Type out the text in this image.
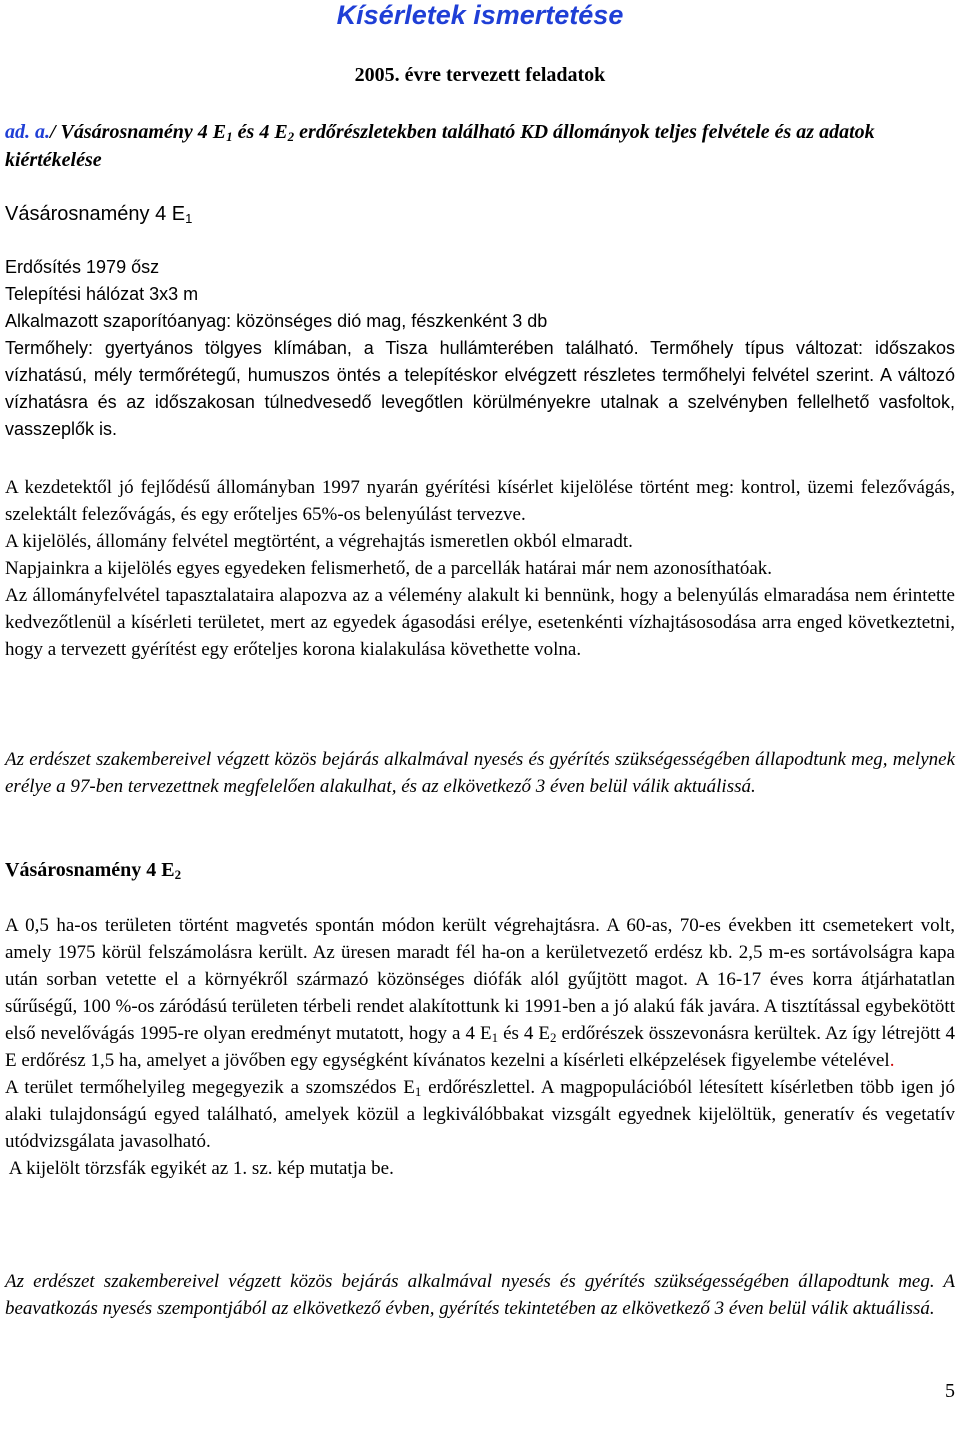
Kísérletek ismertetése
2005. évre tervezett feladatok
ad. a./ Vásárosnamény 4 $E_1$ és 4 $E_2$ erdőrészletekben található KD állományok teljes felvétele és az adatok kiértékelése
Vásárosnamény 4 $E_1$
Erdősítés 1979 ősz
Telepítési hálózat 3x3 m
Alkalmazott szaporítóanyag: közönséges dió mag, fészkenként 3 db

Termőhely: gyertyános tölgyes klímában, a Tisza hullámterében található. Termőhely típus változat: időszakos vízhatású, mély termőrétegű, humuszos öntés a telepítéskor elvégzett részletes termőhelyi felvétel szerint. A változó vízhatásra és az időszakosan túlnedvesedő levegőtlen körülményekre utalnak a szelvényben fellelhető vasfoltok, vasszeplők is.

A kezdetektől jó fejlődésű állományban 1997 nyarán gyérítési kísérlet kijelölése történt meg: kontrol, üzemi felezővágás, szelektált felezővágás, és egy erőteljes 65%-os belenyúlást tervezve.

A kijelölés, állomány felvétel megtörtént, a végrehajtás ismeretlen okból elmaradt.

Napjainkra a kijelölés egyes egyedeken felismerhető, de a parcellák határai már nem azonosíthatóak.

Az állományfelvétel tapasztalataira alapozva az a vélemény alakult ki bennünk, hogy a belenyúlás elmaradása nem érintette kedvezőtlenül a kísérleti területet, mert az egyedek ágasodási erélye, esetenkénti vízhajtásosodása arra enged következtetni, hogy a tervezett gyérítést egy erőteljes korona kialakulása követhette volna.

Az erdészet szakembereivel végzett közös bejárás alkalmával nyesés és gyérítés szükségességében állapodtunk meg, melynek erélye a 97-ben tervezettnek megfelelően alakulhat, és az elkövetkező 3 éven belül válik aktuálissá.

Vásárosnamény 4 $E_2$

A 0,5 ha-os területen történt magvetés spontán módon került végrehajtásra. A 60-as, 70-es években itt csemetekert volt, amely 1975 körül felszámolásra került. Az üresen maradt fél ha-on a kerületvezető erdész kb. 2,5 m-es sortávolságra kapa után sorban vetette el a környékről származó közönséges diófák alól gyűjtött magot. A 16-17 éves korra átjárhatatlan sűrűségű, 100 %-os záródású területen térbeli rendet alakítottunk ki 1991-ben a jó alakú fák javára. A tisztítással egybekötött első nevelővágás 1995-re olyan eredményt mutatott, hogy a 4 $E_1$ és 4 $E_2$ erdőrészek összevonásra kerültek. Az így létrejött 4 E erdőrész 1,5 ha, amelyet a jövőben egy egységként kívánatos kezelni a kísérleti elképzelések figyelembe vételével.

A terület termőhelyileg megegyezik a szomszédos $E_1$ erdőrészlettel. A magpopulációból létesített kísérletben több igen jó alaki tulajdonságú egyed található, amelyek közül a legkiválóbbakat vizsgált egyednek kijelöltük, generatív és vegetatív utódvizsgálata javasolható.

A kijelölt törzsfák egyikét az 1. sz. kép mutatja be.

Az erdészet szakembereivel végzett közös bejárás alkalmával nyesés és gyérítés szükségességében állapodtunk meg. A beavatkozás nyesés szempontjából az elkövetkező évben, gyérítés tekintetében az elkövetkező 3 éven belül válik aktuálissá.

5
